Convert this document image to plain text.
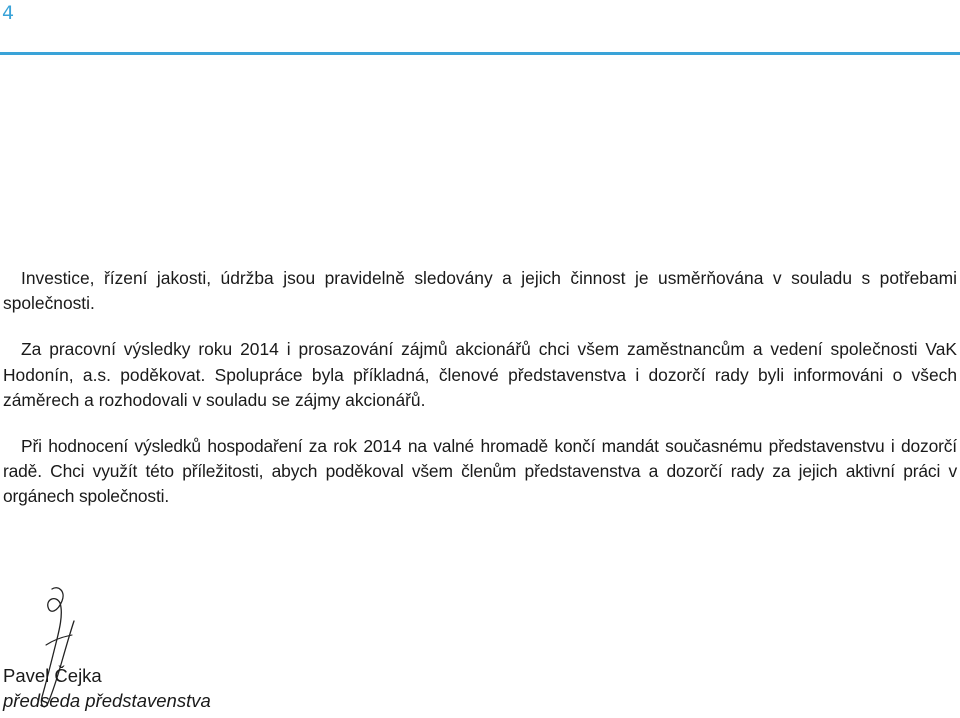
4

Investice, řízení jakosti, údržba jsou pravidelně sledovány a jejich činnost je usměrňována v souladu s potřebami společnosti.

Za pracovní výsledky roku 2014 i prosazování zájmů akcionářů chci všem zaměstnancům a vedení společnosti VaK Hodonín, a.s. poděkovat. Spolupráce byla příkladná, členové představenstva i dozorčí rady byli informováni o všech záměrech a rozhodovali v souladu se zájmy akcionářů.

Při hodnocení výsledků hospodaření za rok 2014 na valné hromadě končí mandát současnému představenstvu i dozorčí radě. Chci využít této příležitosti, abych poděkoval všem členům představenstva a dozorčí rady za jejich aktivní práci v orgánech společnosti.

Pavel Čejka
předseda představenstva
